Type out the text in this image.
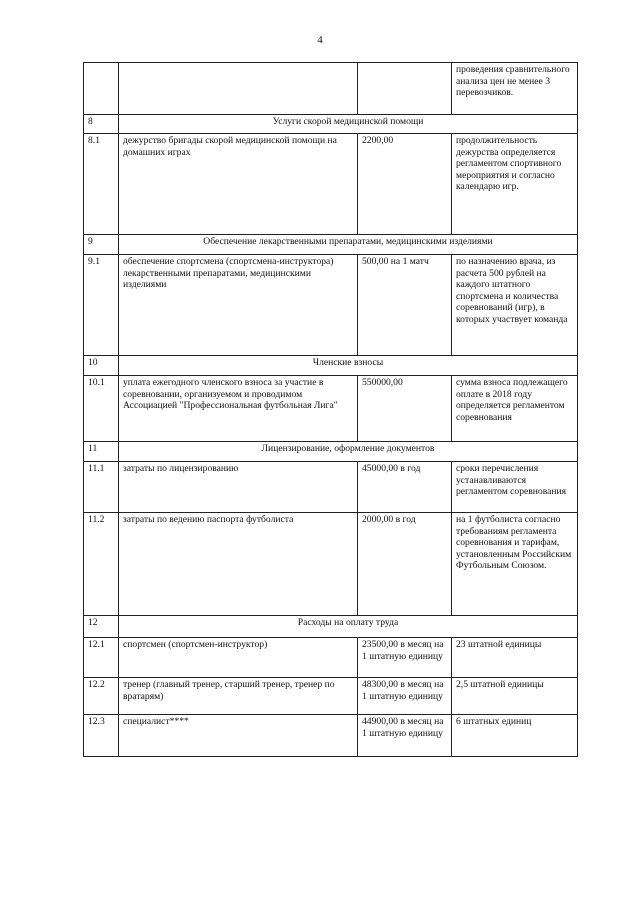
4
			проведения сравнительного анализа цен не менее 3 перевозчиков.
8	Услуги скорой медицинской помощи		
8.1	дежурство бригады скорой медицинской помощи на домашних играх	2200,00	продолжительность дежурства определяется регламентом спортивного мероприятия и согласно календарю игр.
9	Обеспечение лекарственными препаратами, медицинскими изделиями		
9.1	обеспечение спортсмена (спортсмена-инструктора) лекарственными препаратами, медицинскими изделиями	500,00 на 1 матч	по назначению врача, из расчета 500 рублей на каждого штатного спортсмена и количества соревнований (игр), в которых участвует команда
10	Членские взносы		
10.1	уплата ежегодного членского взноса за участие в соревновании, организуемом и проводимом Ассоциацией "Профессиональная футбольная Лига"	550000,00	сумма взноса подлежащего оплате в 2018 году определяется регламентом соревнования
11	Лицензирование, оформление документов		
11.1	затраты по лицензированию	45000,00 в год	сроки перечисления устанавливаются регламентом соревнования
11.2	затраты по ведению паспорта футболиста	2000,00 в год	на 1 футболиста согласно требованиям регламента соревнования и тарифам, установленным Российским Футбольным Союзом.
12	Расходы на оплату труда		
12.1	спортсмен (спортсмен-инструктор)	23500,00 в месяц на 1 штатную единицу	23 штатной единицы
12.2	тренер (главный тренер, старший тренер, тренер по вратарям)	48300,00 в месяц на 1 штатную единицу	2,5 штатной единицы
12.3	специалист****	44900,00 в месяц на 1 штатную единицу	6 штатных единиц
